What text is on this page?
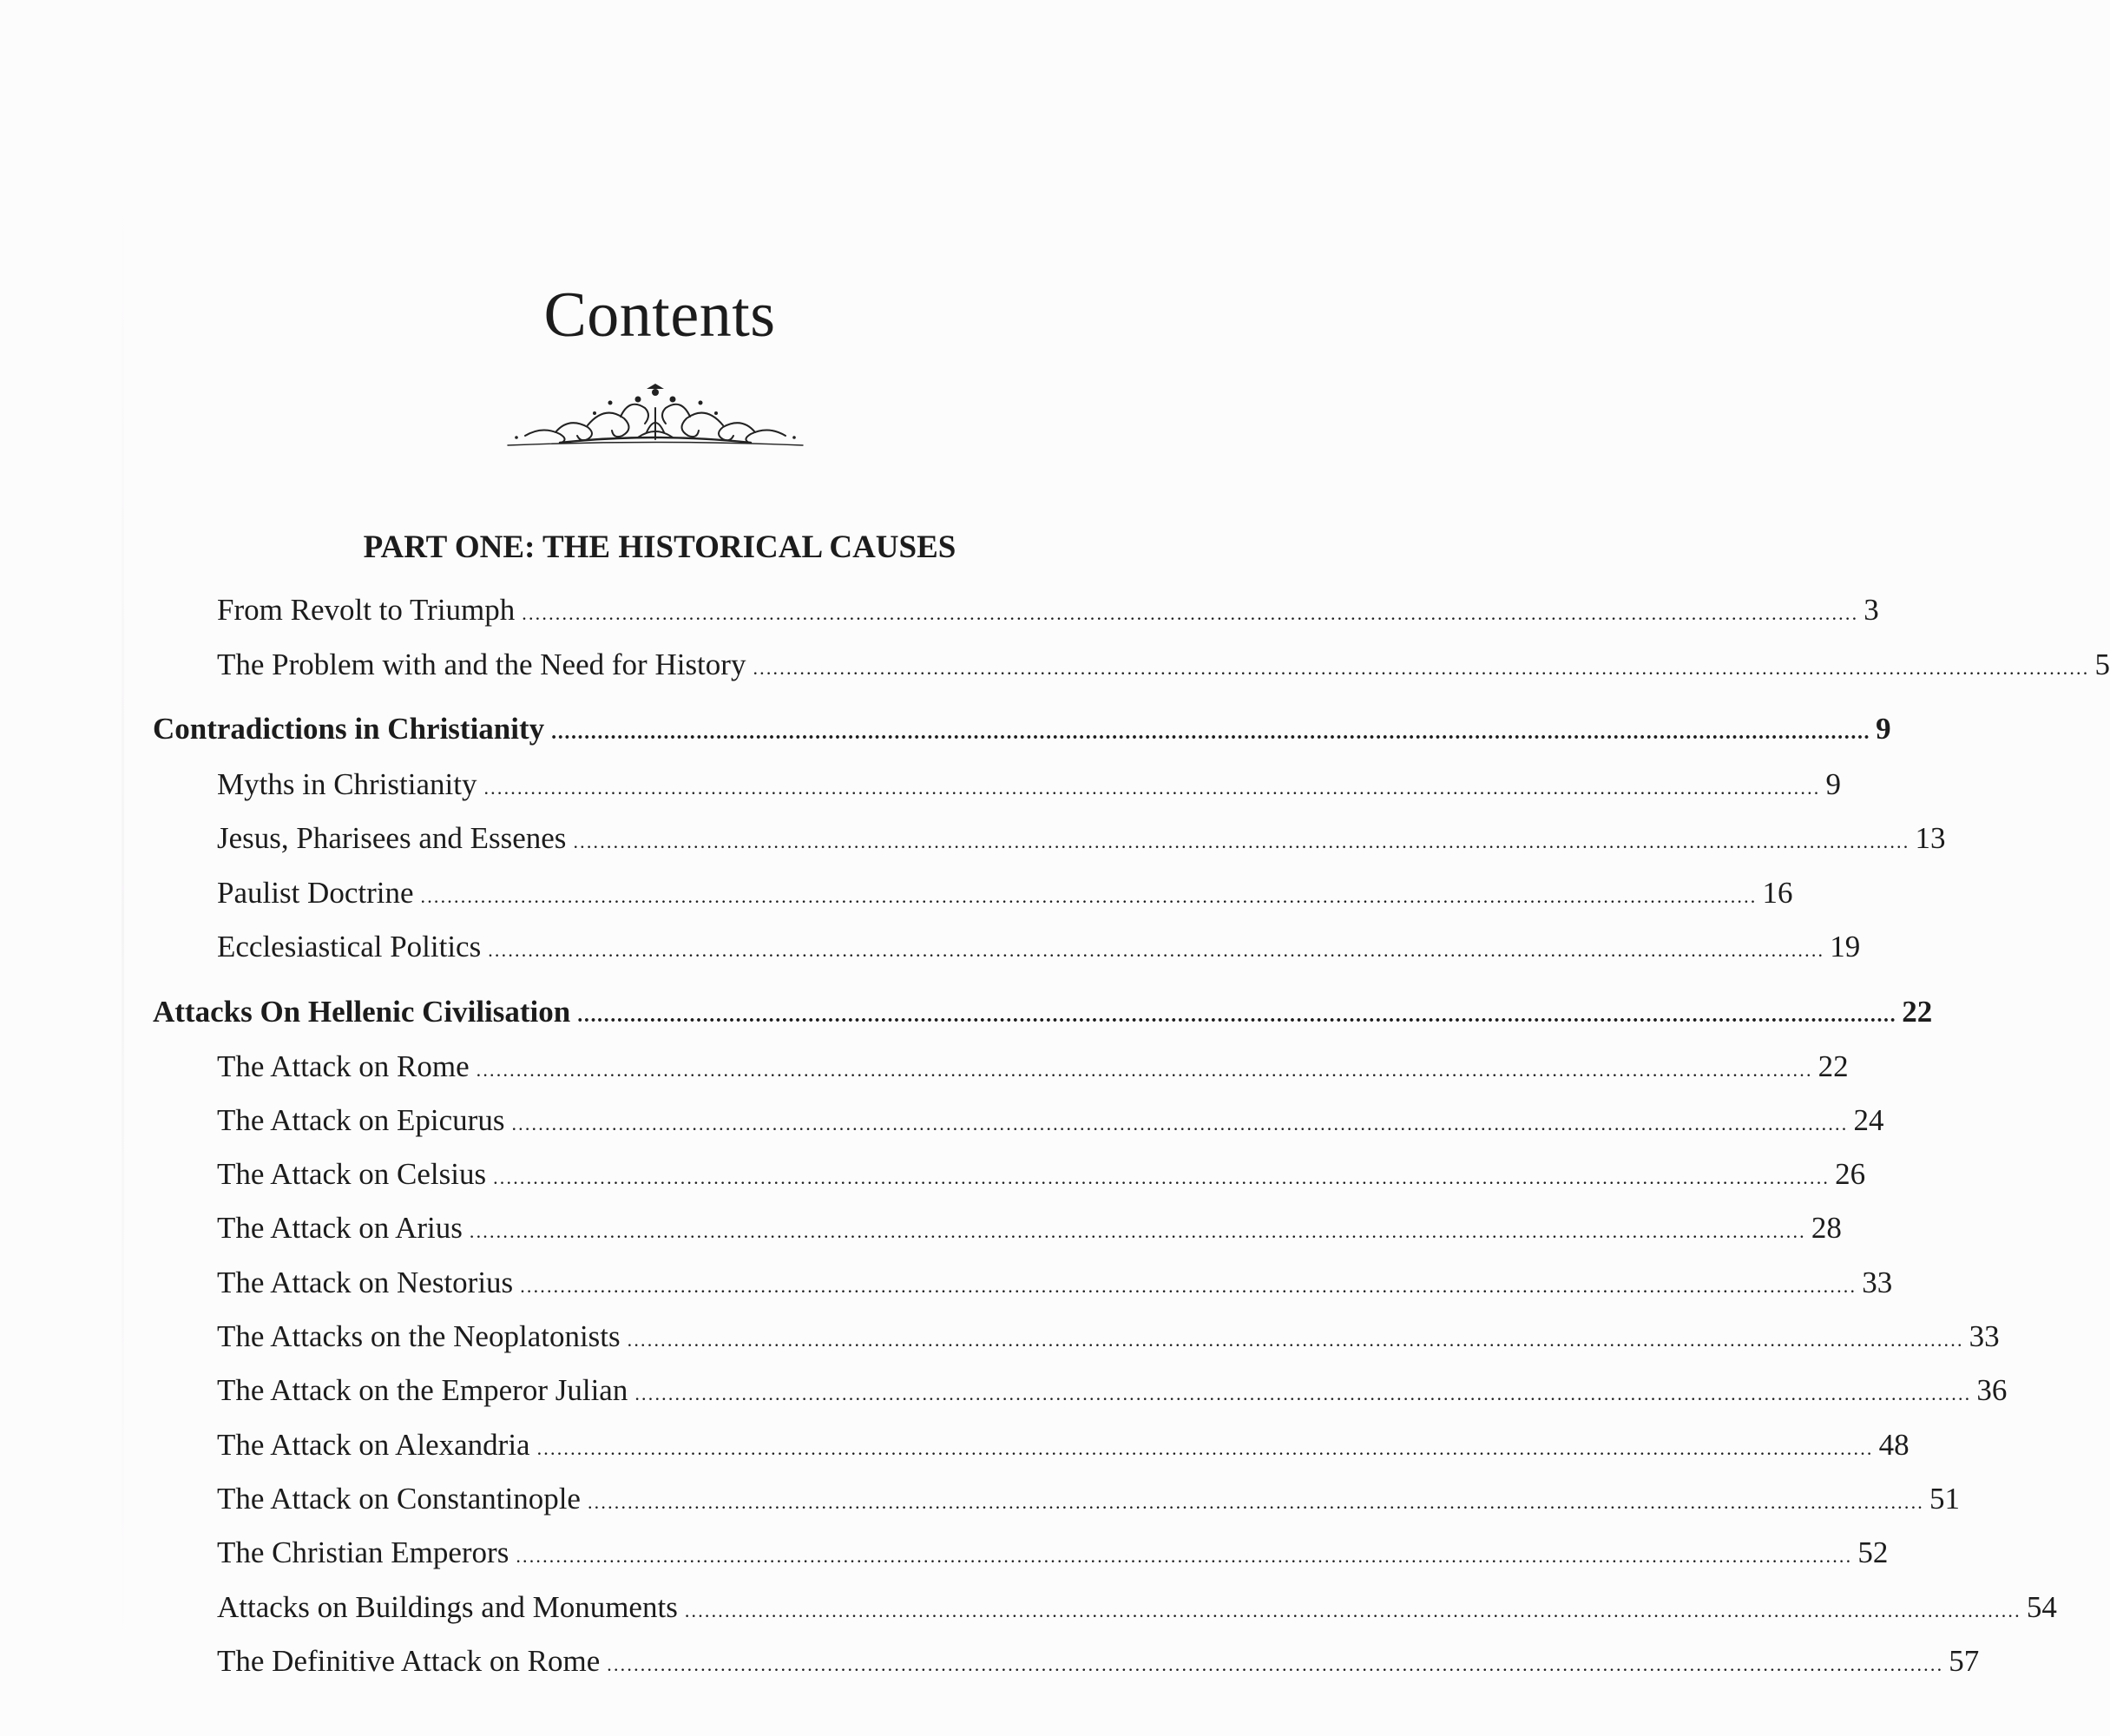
Contents
PART ONE: THE HISTORICAL CAUSES
From Revolt to Triumph ........................................................................................................................................................................................................ 3
The Problem with and the Need for History ........................................................................................................................................................................................................ 5
Contradictions in Christianity ........................................................................................................................................................................................................ 9
Myths in Christianity ........................................................................................................................................................................................................ 9
Jesus, Pharisees and Essenes ........................................................................................................................................................................................................ 13
Paulist Doctrine ........................................................................................................................................................................................................ 16
Ecclesiastical Politics ........................................................................................................................................................................................................ 19
Attacks On Hellenic Civilisation ........................................................................................................................................................................................................ 22
The Attack on Rome ........................................................................................................................................................................................................ 22
The Attack on Epicurus ........................................................................................................................................................................................................ 24
The Attack on Celsius ........................................................................................................................................................................................................ 26
The Attack on Arius ........................................................................................................................................................................................................ 28
The Attack on Nestorius ........................................................................................................................................................................................................ 33
The Attacks on the Neoplatonists ........................................................................................................................................................................................................ 33
The Attack on the Emperor Julian ........................................................................................................................................................................................................ 36
The Attack on Alexandria ........................................................................................................................................................................................................ 48
The Attack on Constantinople ........................................................................................................................................................................................................ 51
The Christian Emperors ........................................................................................................................................................................................................ 52
Attacks on Buildings and Monuments ........................................................................................................................................................................................................ 54
The Definitive Attack on Rome ........................................................................................................................................................................................................ 57
